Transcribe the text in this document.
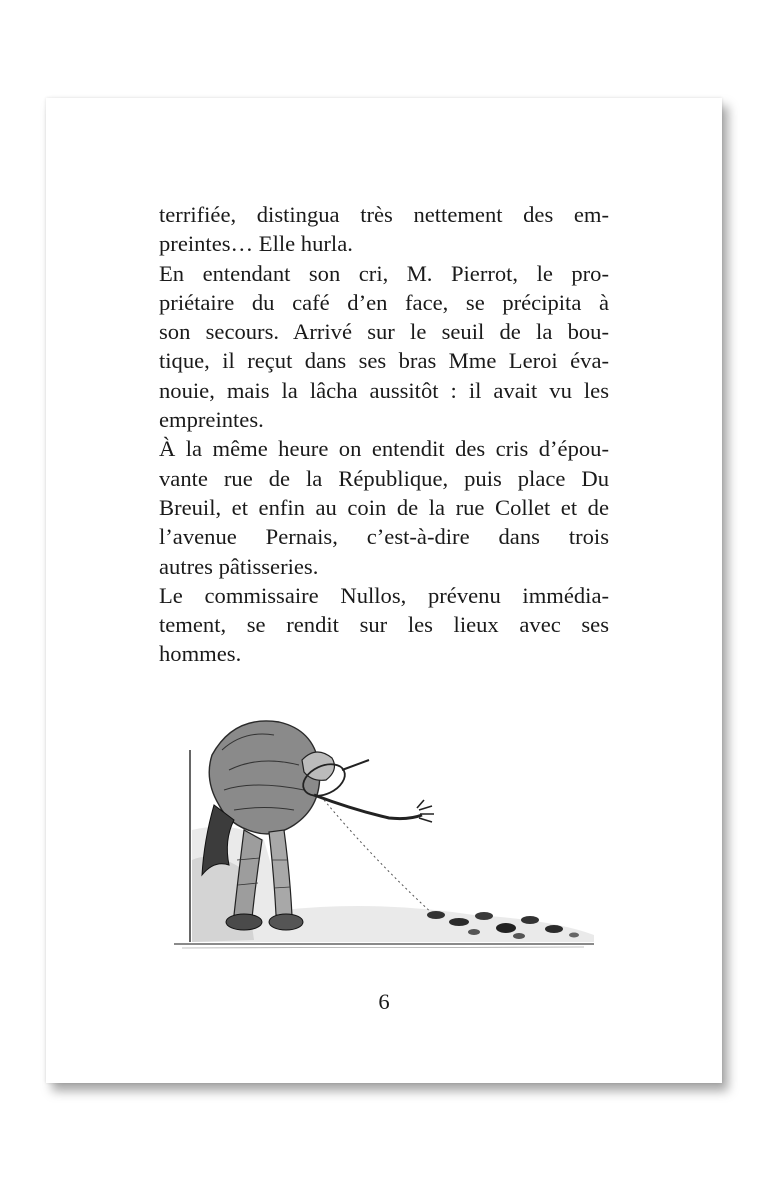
terrifiée, distingua très nettement des em-
preintes… Elle hurla.
En entendant son cri, M. Pierrot, le pro-
priétaire du café d’en face, se précipita à
son secours. Arrivé sur le seuil de la bou-
tique, il reçut dans ses bras Mme Leroi éva-
nouie, mais la lâcha aussitôt : il avait vu les
empreintes.
À la même heure on entendit des cris d’épou-
vante rue de la République, puis place Du
Breuil, et enfin au coin de la rue Collet et de
l’avenue Pernais, c’est-à-dire dans trois
autres pâtisseries.
Le commissaire Nullos, prévenu immédia-
tement, se rendit sur les lieux avec ses
hommes.
6
